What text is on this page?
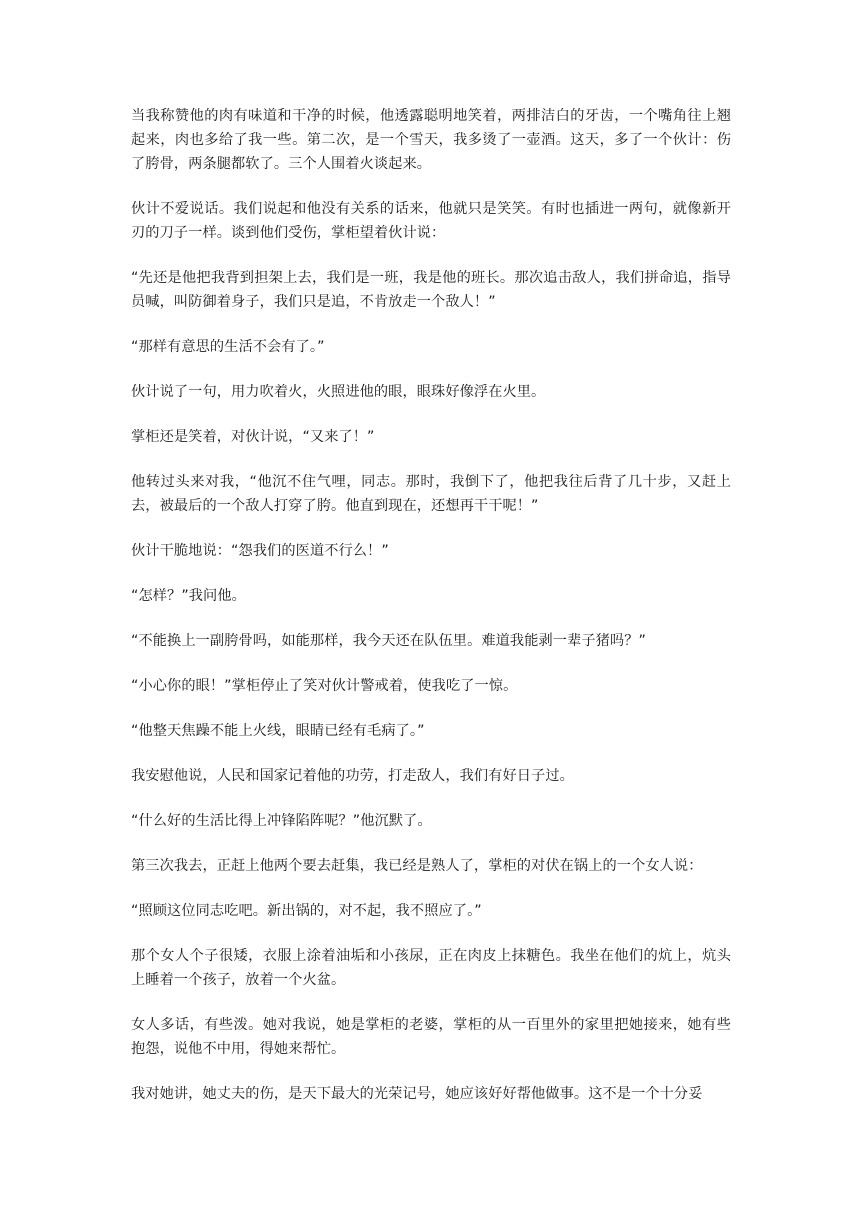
当我称赞他的肉有味道和干净的时候，他透露聪明地笑着，两排洁白的牙齿，一个嘴角往上翘起来，肉也多给了我一些。第二次，是一个雪天，我多烫了一壶酒。这天，多了一个伙计：伤了胯骨，两条腿都软了。三个人围着火谈起来。

伙计不爱说话。我们说起和他没有关系的话来，他就只是笑笑。有时也插进一两句，就像新开刃的刀子一样。谈到他们受伤，掌柜望着伙计说：

“先还是他把我背到担架上去，我们是一班，我是他的班长。那次追击敌人，我们拼命追，指导员喊，叫防御着身子，我们只是追，不肯放走一个敌人！”

“那样有意思的生活不会有了。”

伙计说了一句，用力吹着火，火照进他的眼，眼珠好像浮在火里。

掌柜还是笑着，对伙计说，“又来了！”

他转过头来对我，“他沉不住气哩，同志。那时，我倒下了，他把我往后背了几十步，又赶上去，被最后的一个敌人打穿了胯。他直到现在，还想再干干呢！”

伙计干脆地说：“怨我们的医道不行么！”

“怎样？”我问他。

“不能换上一副胯骨吗，如能那样，我今天还在队伍里。难道我能剥一辈子猪吗？”

“小心你的眼！”掌柜停止了笑对伙计警戒着，使我吃了一惊。

“他整天焦躁不能上火线，眼睛已经有毛病了。”

我安慰他说，人民和国家记着他的功劳，打走敌人，我们有好日子过。

“什么好的生活比得上冲锋陷阵呢？”他沉默了。

第三次我去，正赶上他两个要去赶集，我已经是熟人了，掌柜的对伏在锅上的一个女人说：

“照顾这位同志吃吧。新出锅的，对不起，我不照应了。”

那个女人个子很矮，衣服上涂着油垢和小孩尿，正在肉皮上抹糖色。我坐在他们的炕上，炕头上睡着一个孩子，放着一个火盆。

女人多话，有些泼。她对我说，她是掌柜的老婆，掌柜的从一百里外的家里把她接来，她有些抱怨，说他不中用，得她来帮忙。

我对她讲，她丈夫的伤，是天下最大的光荣记号，她应该好好帮他做事。这不是一个十分妥
